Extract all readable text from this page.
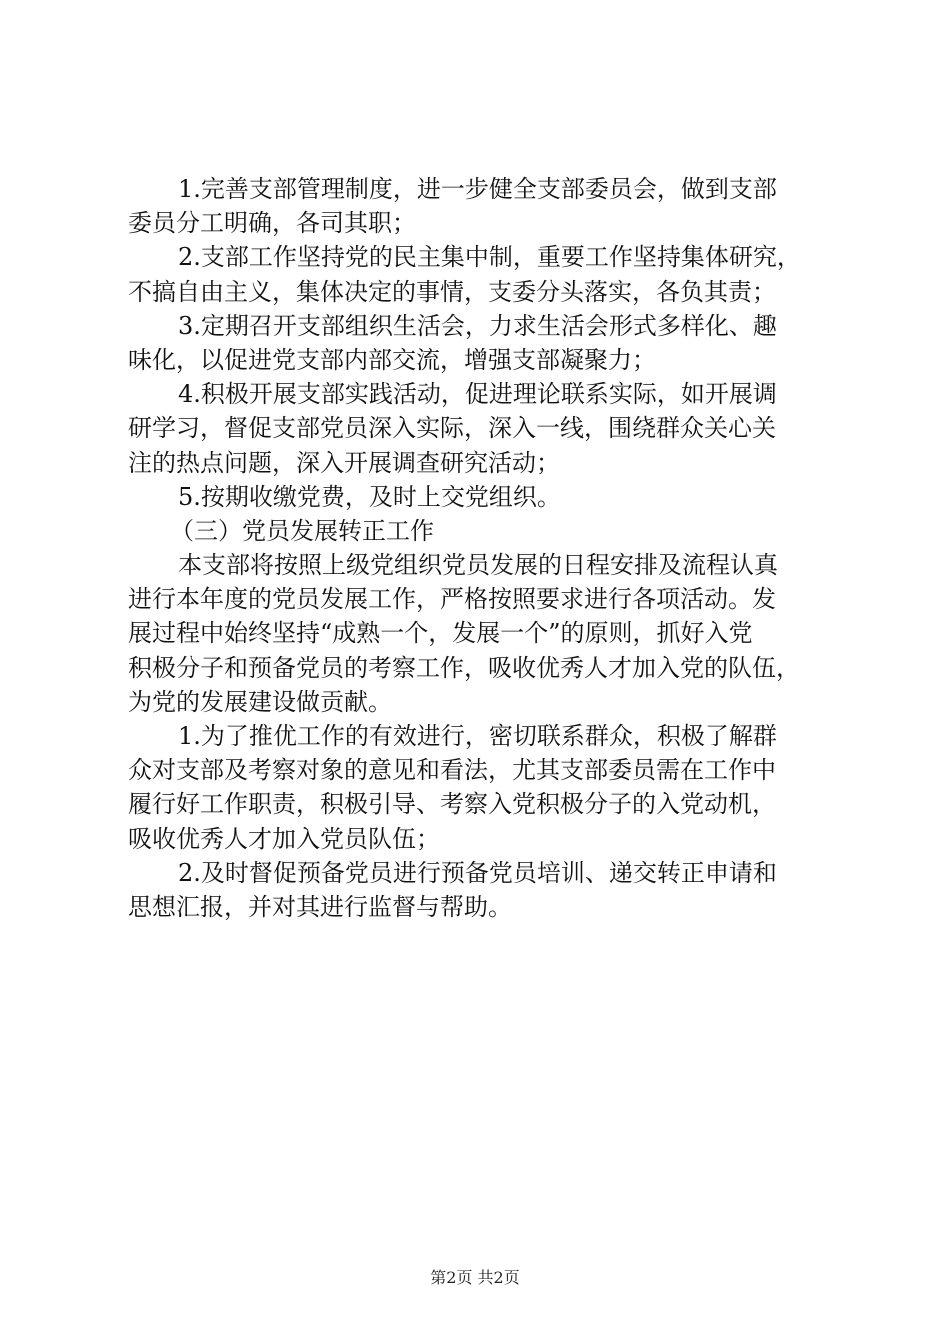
1.完善支部管理制度，进一步健全支部委员会，做到支部
委员分工明确，各司其职；
2.支部工作坚持党的民主集中制，重要工作坚持集体研究，
不搞自由主义，集体决定的事情，支委分头落实，各负其责；
3.定期召开支部组织生活会，力求生活会形式多样化、趣
味化，以促进党支部内部交流，增强支部凝聚力；
4.积极开展支部实践活动，促进理论联系实际，如开展调
研学习，督促支部党员深入实际，深入一线，围绕群众关心关
注的热点问题，深入开展调查研究活动；
5.按期收缴党费，及时上交党组织。
（三）党员发展转正工作
本支部将按照上级党组织党员发展的日程安排及流程认真
进行本年度的党员发展工作，严格按照要求进行各项活动。发
展过程中始终坚持“成熟一个，发展一个”的原则，抓好入党
积极分子和预备党员的考察工作，吸收优秀人才加入党的队伍，
为党的发展建设做贡献。
1.为了推优工作的有效进行，密切联系群众，积极了解群
众对支部及考察对象的意见和看法，尤其支部委员需在工作中
履行好工作职责，积极引导、考察入党积极分子的入党动机，
吸收优秀人才加入党员队伍；
2.及时督促预备党员进行预备党员培训、递交转正申请和
思想汇报，并对其进行监督与帮助。
第2页 共2页
